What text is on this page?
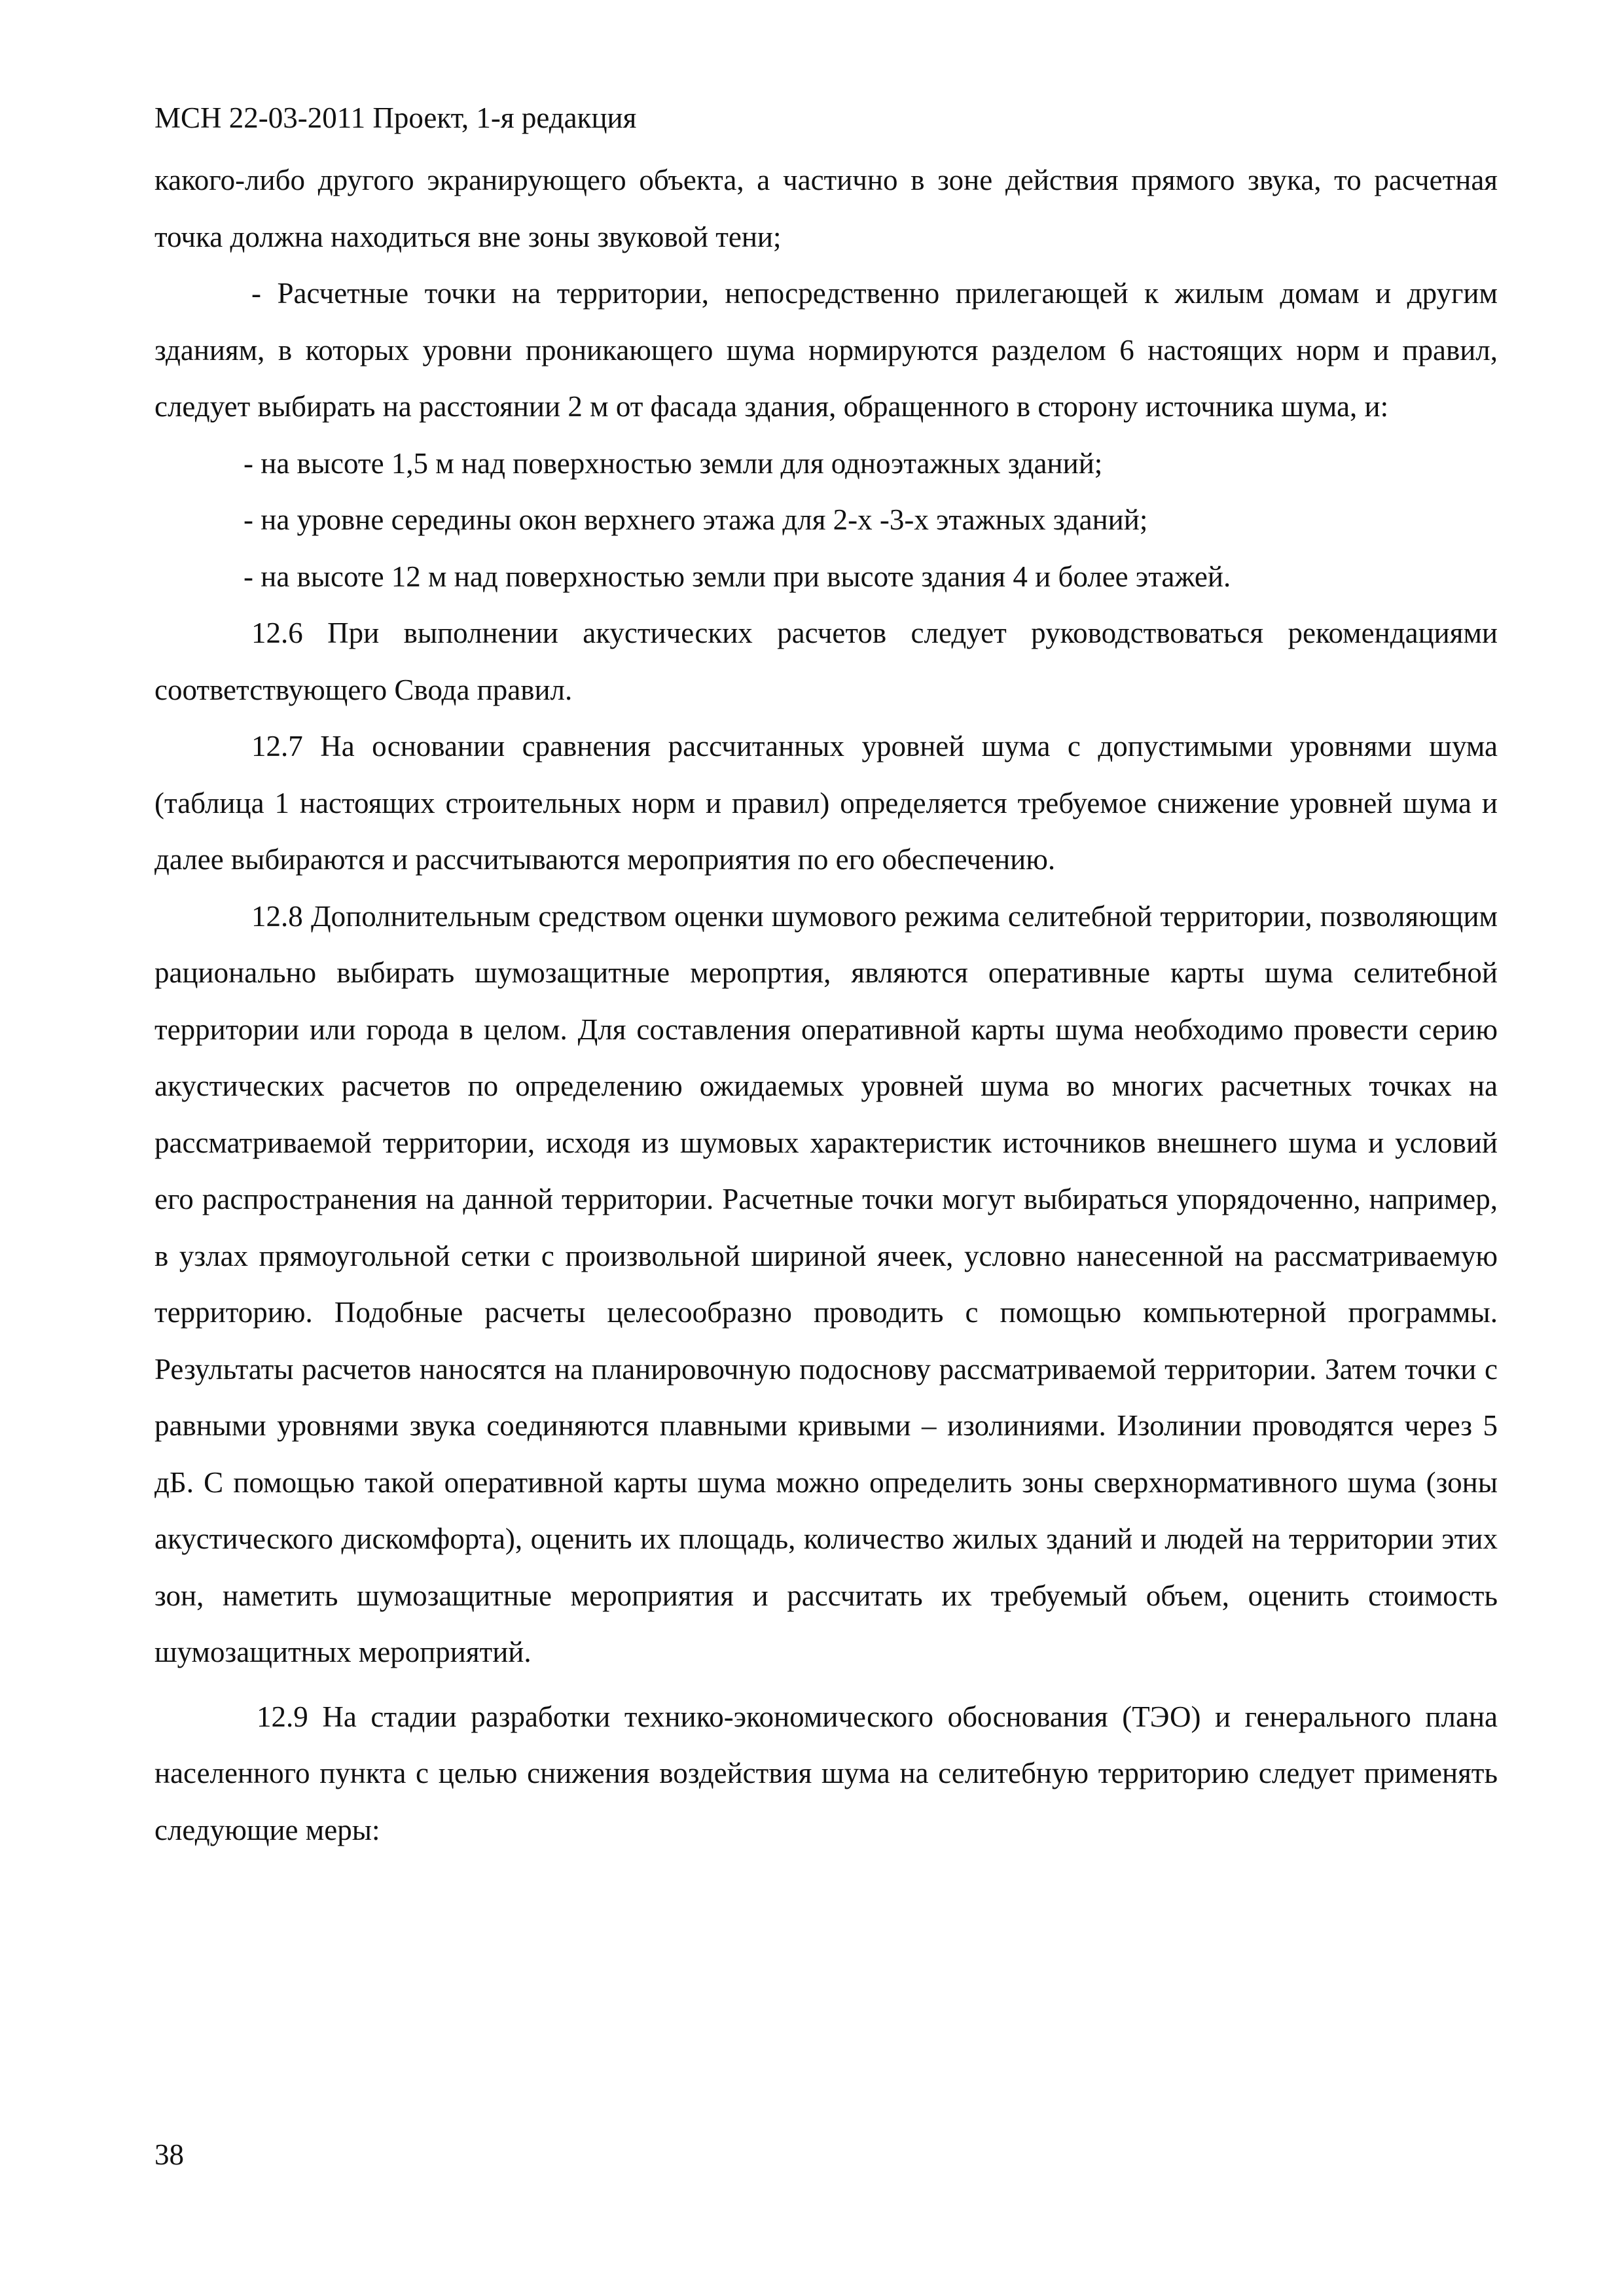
МСН 22-03-2011 Проект, 1-я редакция

какого-либо другого экранирующего объекта, а частично в зоне действия прямого звука, то расчетная точка должна находиться вне зоны звуковой тени;

- Расчетные точки на территории, непосредственно прилегающей к жилым домам и другим зданиям, в которых уровни проникающего шума нормируются разделом 6 настоящих норм и правил, следует выбирать на расстоянии 2 м от фасада здания, обращенного в сторону источника шума, и:

- на высоте 1,5 м над поверхностью земли для одноэтажных зданий;

- на уровне середины окон верхнего этажа для 2-х -3-х этажных зданий;

- на высоте 12 м над поверхностью земли при высоте здания 4 и более этажей.

12.6 При выполнении акустических расчетов следует руководствоваться рекомендациями соответствующего Свода правил.

12.7 На основании сравнения рассчитанных уровней шума с допустимыми уровнями шума (таблица 1 настоящих строительных норм и правил) определяется требуемое снижение уровней шума и далее выбираются и рассчитываются мероприятия по его обеспечению.

12.8 Дополнительным средством оценки шумового режима селитебной территории, позволяющим рационально выбирать шумозащитные меропртия, являются оперативные карты шума селитебной территории или города в целом. Для составления оперативной карты шума необходимо провести серию акустических расчетов по определению ожидаемых уровней шума во многих расчетных точках на рассматриваемой территории, исходя из шумовых характеристик источников внешнего шума и условий его распространения на данной территории. Расчетные точки могут выбираться упорядоченно, например, в узлах прямоугольной сетки с произвольной шириной ячеек, условно нанесенной на рассматриваемую территорию. Подобные расчеты целесообразно проводить с помощью компьютерной программы. Результаты расчетов наносятся на планировочную подоснову рассматриваемой территории. Затем точки с равными уровнями звука соединяются плавными кривыми – изолиниями. Изолинии проводятся через 5 дБ. С помощью такой оперативной карты шума можно определить зоны сверхнормативного шума (зоны акустического дискомфорта), оценить их площадь, количество жилых зданий и людей на территории этих зон, наметить шумозащитные мероприятия и рассчитать их требуемый объем, оценить стоимость шумозащитных мероприятий.

12.9 На стадии разработки технико-экономического обоснования (ТЭО) и генерального плана населенного пункта с целью снижения воздействия шума на селитебную территорию следует применять следующие меры:

38
